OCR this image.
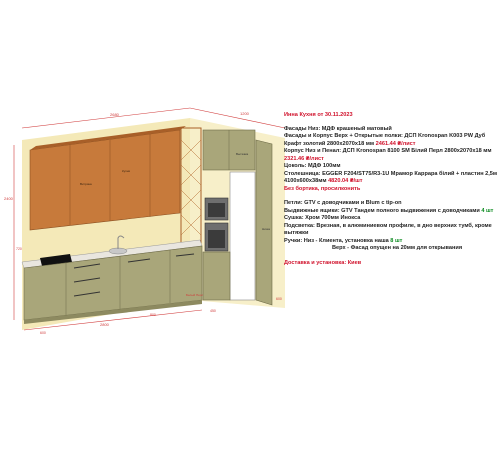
2680	1200
2400
Витрина
Кухня
Вытяжка
Ниша
2800
600
450
800
720
600
Белый Перл
Инна Кухня от 30.11.2023
Фасады Низ: МДФ крашеный матовый
Фасады и Корпус Верх + Открытые полки: ДСП Kronospan K003 PW Дуб Крафт золотий 2800x2070x18 мм 2461.44 ₴/лист
Корпус Низ и Пенал: ДСП Kronospan 8100 SM Білий Перл 2800x2070x18 мм 2321.46 ₴/лист
Цоколь: МДФ 100мм
Столешница: EGGER F204/ST75/R3-1U Мрамор Каррара білий + пластин 2,5м 4100x600x38мм 4820.04 ₴/шт
Без бортика, просилконить
Петли: GTV с доводчиками и Blum с tip-on
Выдвижные ящики: GTV Тандем полного выдвижения с доводчиками 4 шт
Сушка: Хром 700мм Инокса
Подсветка: Врезная, в алюминиевом профиле, в дно верхних тумб, кроме вытяжки
Ручки: Низ - Клиента, установка наша 8 шт
Верх - Фасад опущен на 20мм для открывания
Доставка и установка: Киев
